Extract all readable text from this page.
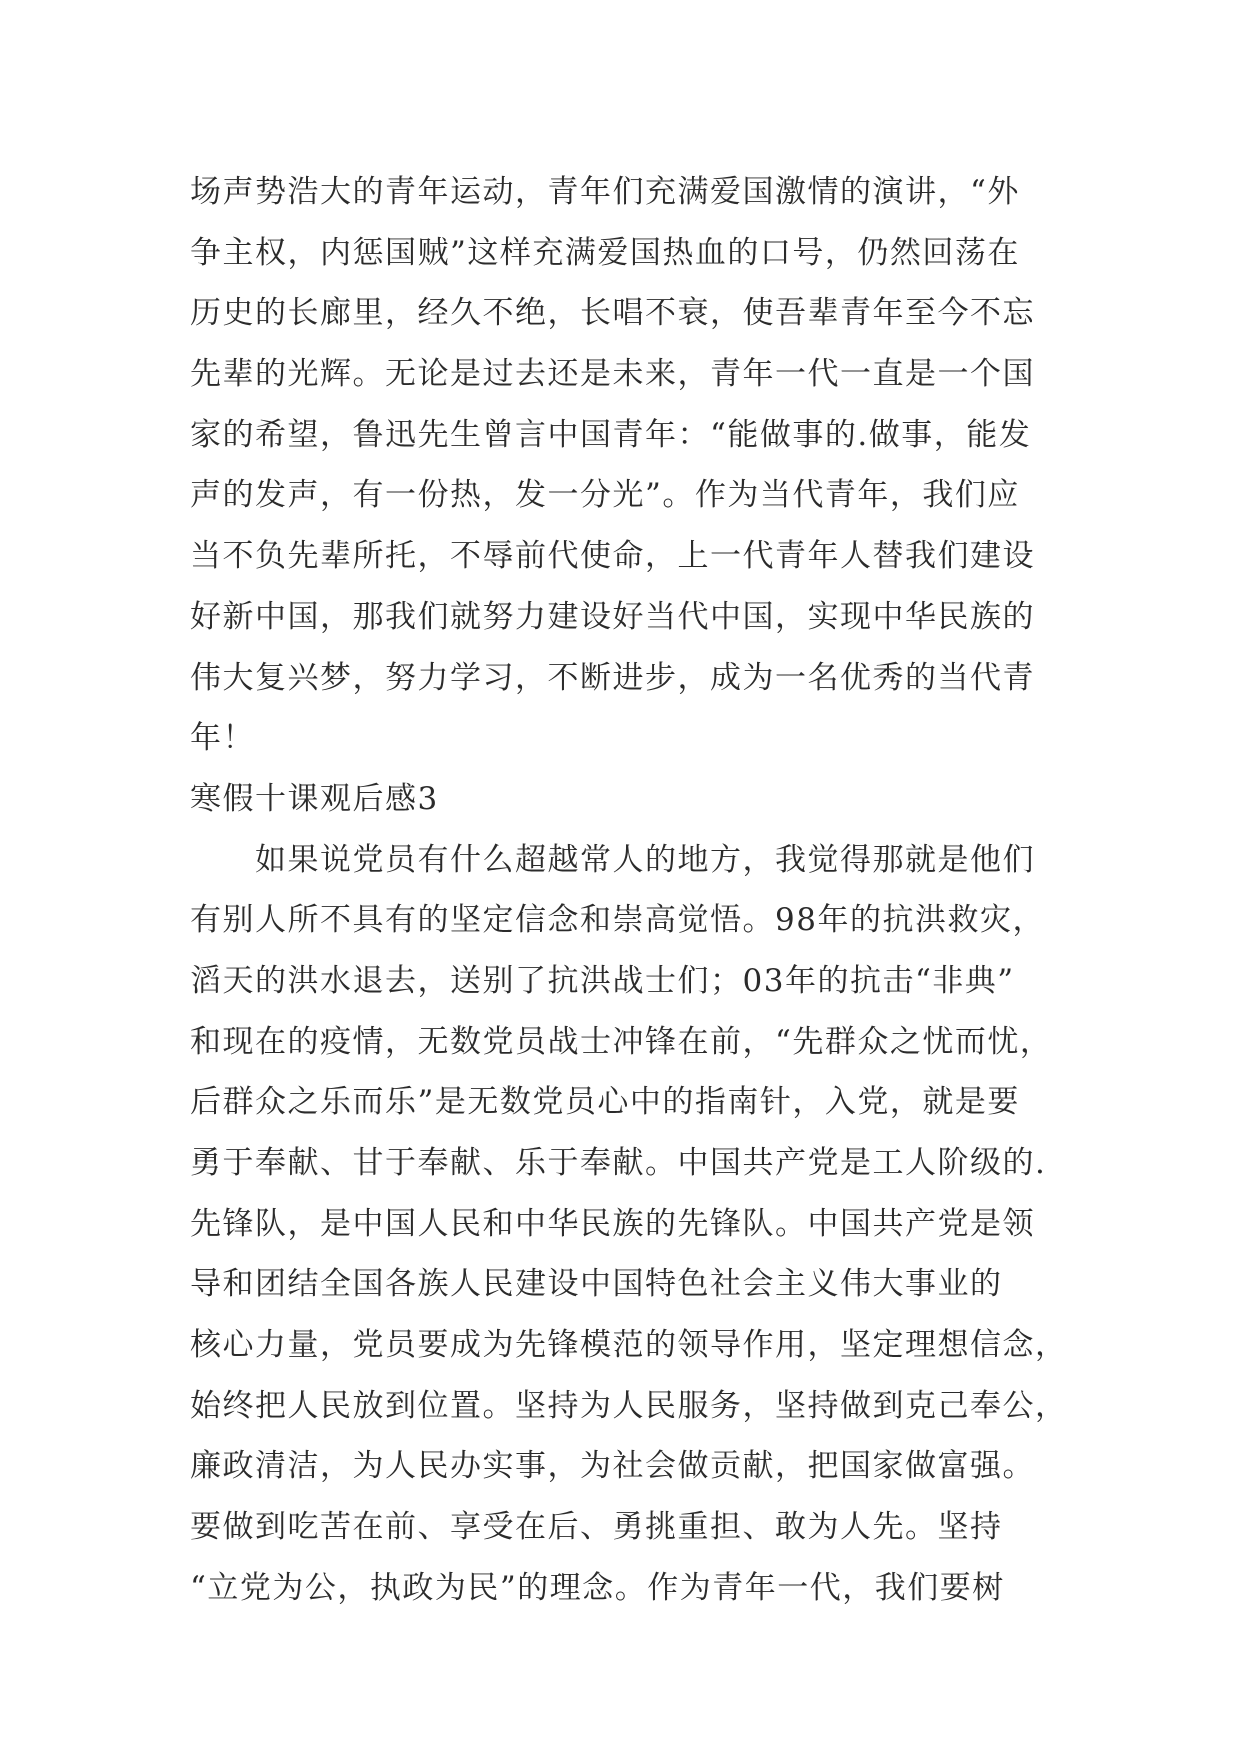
场声势浩大的青年运动，青年们充满爱国激情的演讲，“外
争主权，内惩国贼”这样充满爱国热血的口号，仍然回荡在
历史的长廊里，经久不绝，长唱不衰，使吾辈青年至今不忘
先辈的光辉。无论是过去还是未来，青年一代一直是一个国
家的希望，鲁迅先生曾言中国青年：“能做事的.做事，能发
声的发声，有一份热，发一分光”。作为当代青年，我们应
当不负先辈所托，不辱前代使命，上一代青年人替我们建设
好新中国，那我们就努力建设好当代中国，实现中华民族的
伟大复兴梦，努力学习，不断进步，成为一名优秀的当代青
年！
寒假十课观后感3
　　如果说党员有什么超越常人的地方，我觉得那就是他们
有别人所不具有的坚定信念和崇高觉悟。98年的抗洪救灾，
滔天的洪水退去，送别了抗洪战士们；03年的抗击“非典”
和现在的疫情，无数党员战士冲锋在前，“先群众之忧而忧，
后群众之乐而乐”是无数党员心中的指南针，入党，就是要
勇于奉献、甘于奉献、乐于奉献。中国共产党是工人阶级的.
先锋队，是中国人民和中华民族的先锋队。中国共产党是领
导和团结全国各族人民建设中国特色社会主义伟大事业的
核心力量，党员要成为先锋模范的领导作用，坚定理想信念，
始终把人民放到位置。坚持为人民服务，坚持做到克己奉公，
廉政清洁，为人民办实事，为社会做贡献，把国家做富强。
要做到吃苦在前、享受在后、勇挑重担、敢为人先。坚持
“立党为公，执政为民”的理念。作为青年一代，我们要树
